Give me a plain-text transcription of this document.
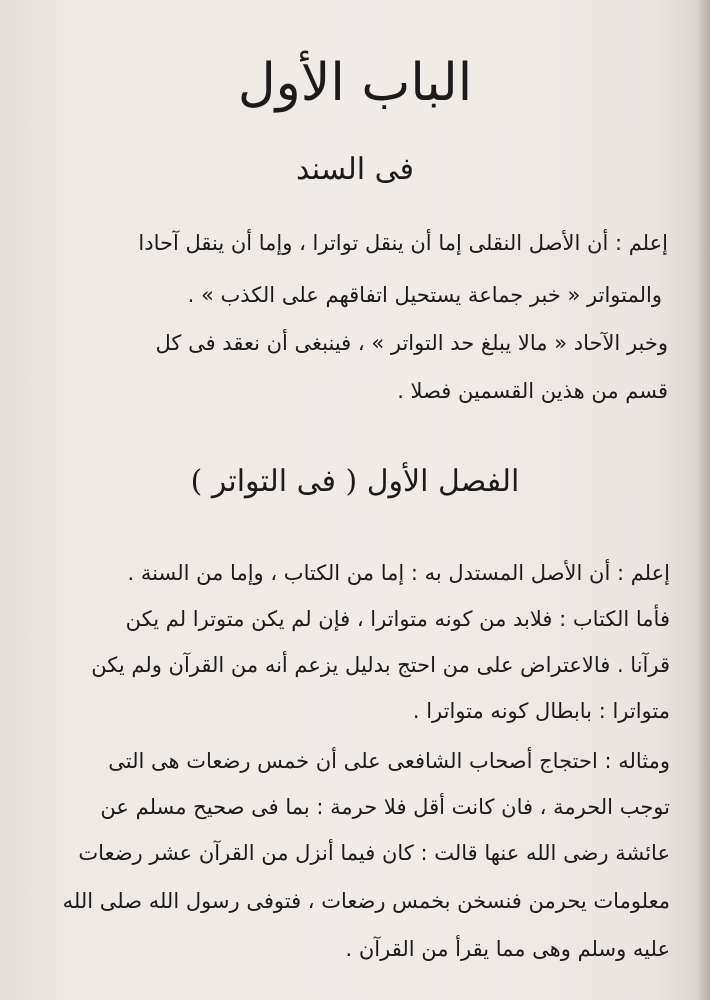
الباب الأول
فى السند
إعلم : أن الأصل النقلى إما أن ينقل تواترا ، وإما أن ينقل آحادا
والمتواتر « خبر جماعة يستحيل اتفاقهم على الكذب » .
وخبر الآحاد « مالا يبلغ حد التواتر » ، فينبغى أن نعقد فى كل
قسم من هذين القسمين فصلا .
الفصل الأول ( فى التواتر )
إعلم : أن الأصل المستدل به : إما من الكتاب ، وإما من السنة .
فأما الكتاب : فلابد من كونه متواترا ، فإن لم يكن متوترا لم يكن
قرآنا . فالاعتراض على من احتج بدليل يزعم أنه من القرآن ولم يكن
متواترا : بابطال كونه متواترا .
ومثاله : احتجاج أصحاب الشافعى على أن خمس رضعات هى التى
توجب الحرمة ، فان كانت أقل فلا حرمة : بما فى صحيح مسلم عن
عائشة رضى الله عنها قالت : كان فيما أنزل من القرآن عشر رضعات
معلومات يحرمن فنسخن بخمس رضعات ، فتوفى رسول الله صلى الله
عليه وسلم وهى مما يقرأ من القرآن .
